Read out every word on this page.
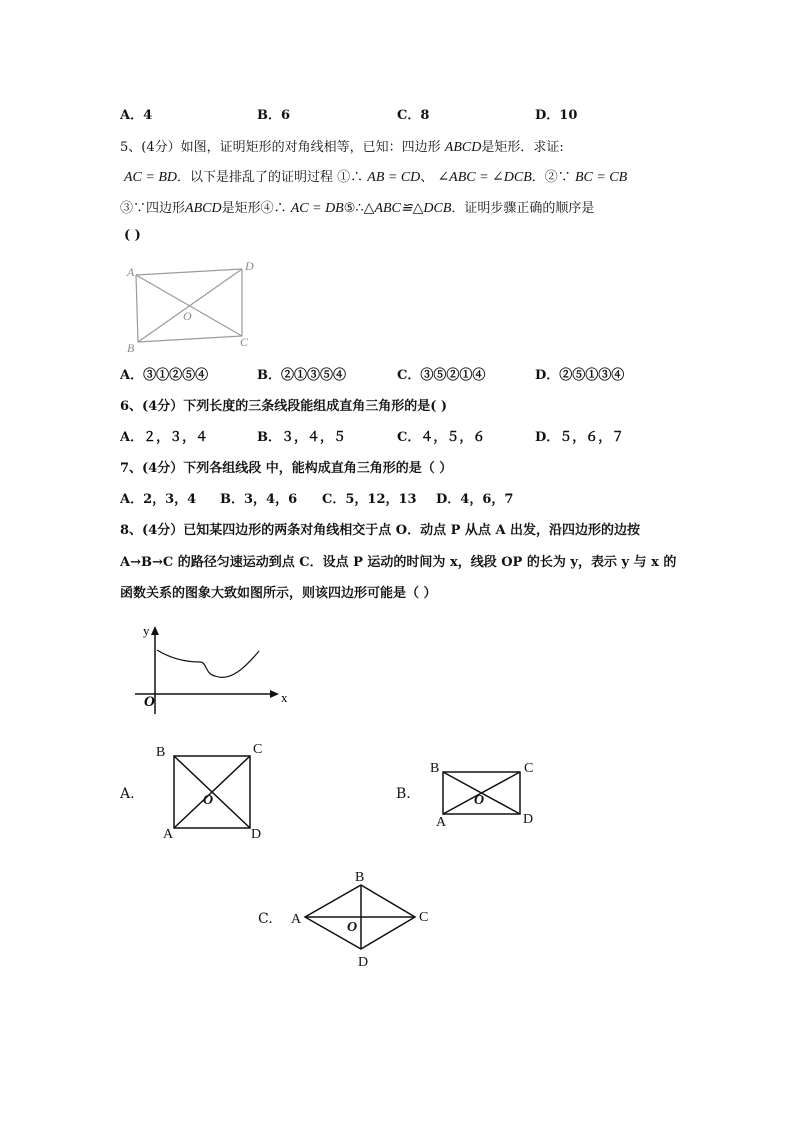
A．4	B．6	C．8	D．10
5、(4分）如图，证明矩形的对角线相等，已知：四边形 ABCD是矩形．求证:
AC = BD．以下是排乱了的证明过程 ①∴ AB = CD、 ∠ABC = ∠DCB．②∵ BC = CB
③∵四边形ABCD是矩形④∴ AC = DB⑤∴△ABC≌△DCB．证明步骤正确的顺序是
( )
A	D
O
C
B
A．③①②⑤④	B．②①③⑤④	C．③⑤②①④	D．②⑤①③④
6、(4分）下列长度的三条线段能组成直角三角形的是( )
A．２，３，４	B．３，４，５	C．４，５，６	D．５，６，７
7、(4分）下列各组线段 中，能构成直角三角形的是（ ）
A．2，3，4 B．3，4，6 C．5，12，13 D．4，6，7
8、(4分）已知某四边形的两条对角线相交于点 O．动点 P 从点 A 出发，沿四边形的边按
A→B→C 的路径匀速运动到点 C．设点 P 运动的时间为 x，线段 OP 的长为 y，表示 y 与 x 的
函数关系的图象大致如图所示，则该四边形可能是（ ）
y
x
O
A.
B	C
A	D
O	B.
B	C
A	D
O
C.
B
A	C
D
O
